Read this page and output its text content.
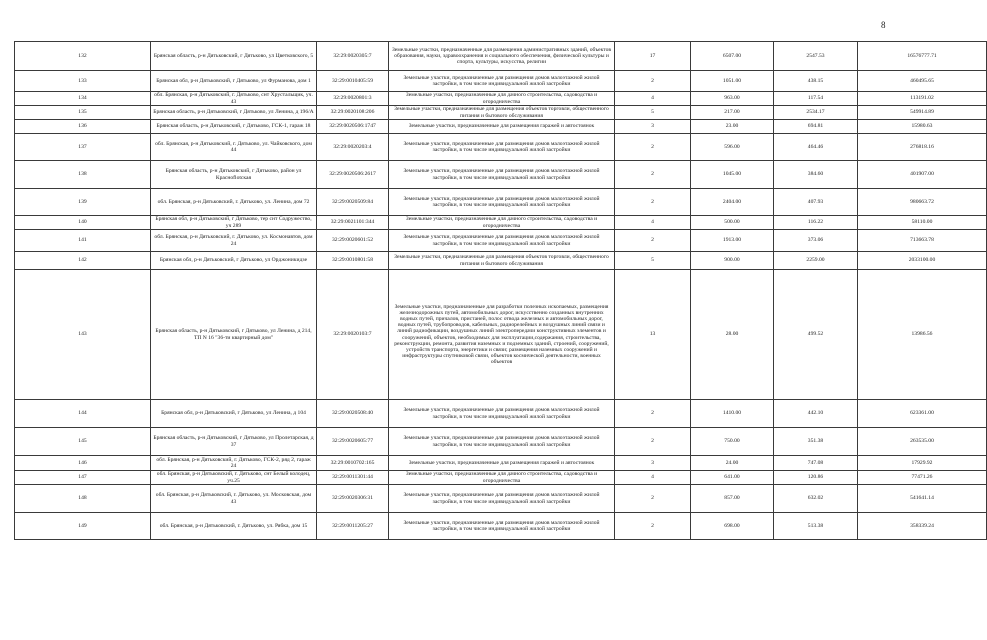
8
132	Брянская область, р-н Дятьковский, г Дятьково, ул Цветковского, 5	32:29:0020305:7	Земельные участки, предназначенные для размещения административных зданий, объектов образования, науки, здравоохранения и социального обеспечения, физической культуры и спорта, культуры, искусства, религии	17	6507.00	2547.53	16576777.71
133	Брянская обл, р-н Дятьковский, г Дятьково, ул Фурманова, дом 1	32:29:0010405:59	Земельные участки, предназначенные для размещения домов малоэтажной жилой застройки, в том числе индивидуальной жилой застройки	2	1051.00	438.15	460495.65
134	обл. Брянская, р-н Дятьковский, г. Дятьково, снт Хрустальщик, уч. 43	32:29:0020801:3	Земельные участки, предназначенные для дачного строительства, садоводства и огородничества	4	963.00	117.54	113191.02
135	Брянская область, р-н Дятьковский, г Дятьково, ул Ленина, д 196/А	32:29:0020108:206	Земельные участки, предназначенные для размещения объектов торговли, общественного питания и бытового обслуживания	5	217.00	2534.17	549914.89
136	Брянская область, р-н Дятьковский, г Дятьково, ГСК-1, гараж 18	32:29:0020506:1747	Земельные участки, предназначенные для размещения гаражей и автостоянок	3	23.00	694.81	15980.63
137	обл. Брянская, р-н Дятьковский, г. Дятьково, ул. Чайковского, дом 44	32:29:0020203:4	Земельные участки, предназначенные для размещения домов малоэтажной жилой застройки, в том числе индивидуальной жилой застройки	2	596.00	464.46	276818.16
138	Брянская область, р-н Дятьковский, г Дятьково, район ул Красноflotская	32:29:0020506:2617	Земельные участки, предназначенные для размещения домов малоэтажной жилой застройки, в том числе индивидуальной жилой застройки	2	1045.00	384.60	401907.00
139	обл. Брянская, р-н Дятьковский, г. Дятьково, ул. Ленина, дом 72	32:29:0020509:84	Земельные участки, предназначенные для размещения домов малоэтажной жилой застройки, в том числе индивидуальной жилой застройки	2	2404.00	407.93	980663.72
140	Брянская обл, р-н Дятьковский, г Дятьково, тер снт Содружество, уч 289	32:29:0021101:344	Земельные участки, предназначенные для дачного строительства, садоводства и огородничества	4	500.00	116.22	58110.00
141	обл. Брянская, р-н Дятьковский, г. Дятьково, ул. Космонавтов, дом 24	32:29:0020601:52	Земельные участки, предназначенные для размещения домов малоэтажной жилой застройки, в том числе индивидуальной жилой застройки	2	1913.00	373.06	713663.78
142	Брянская обл, р-н Дятьковский, г Дятьково, ул Орджоникидзе	32:29:0010801:58	Земельные участки, предназначенные для размещения объектов торговли, общественного питания и бытового обслуживания	5	900.00	2259.00	2033100.00
143	Брянская область, р-н Дятьковский, г Дятьково, ул Ленина, д 214, ТП N 16 "36-ти квартирный дом"	32:29:0020103:7	Земельные участки, предназначенные для разработки полезных ископаемых, размещения железнодорожных путей, автомобильных дорог, искусственно созданных внутренних водных путей, причалов, пристаней, полос отвода железных и автомобильных дорог, водных путей, трубопроводов, кабельных, радиорелейных и воздушных линий связи и линий радиофикации, воздушных линий электропередачи конструктивных элементов и сооружений, объектов, необходимых для эксплуатации,содержания, строительства, реконструкции, ремонта, развития наземных и подземных зданий, строений, сооружений, устройств транспорта, энергетики и связи; размещения наземных сооружений и инфраструктуры спутниковой связи, объектов космической деятельности, военных объектов	13	28.00	499.52	13986.56
144	Брянская обл, р-н Дятьковский, г Дятьково, ул Ленина, д 104	32:29:0020508:40	Земельные участки, предназначенные для размещения домов малоэтажной жилой застройки, в том числе индивидуальной жилой застройки	2	1410.00	442.10	623361.00
145	Брянская область, р-н Дятьковский, г Дятьково, ул Пролетарская, д 37	32:29:0020605:77	Земельные участки, предназначенные для размещения домов малоэтажной жилой застройки, в том числе индивидуальной жилой застройки	2	750.00	351.38	263535.00
146	обл. Брянская, р-н Дятьковский, г. Дятьково, ГСК-2, ряд 2, гараж 24	32:29:0010702:165	Земельные участки, предназначенные для размещения гаражей и автостоянок	3	24.00	747.08	17929.92
147	обл. Брянская, р-н Дятьковский, г. Дятьково, снт Белый колодец, уч.25	32:29:0011301:44	Земельные участки, предназначенные для дачного строительства, садоводства и огородничества	4	641.00	120.86	77471.26
148	обл. Брянская, р-н Дятьковский, г. Дятьково, ул. Московская, дом 43	32:29:0020306:31	Земельные участки, предназначенные для размещения домов малоэтажной жилой застройки, в том числе индивидуальной жилой застройки	2	857.00	632.02	541641.14
149	обл. Брянская, р-н Дятьковский, г. Дятьково, ул. Рябка, дом 15	32:29:0011205:27	Земельные участки, предназначенные для размещения домов малоэтажной жилой застройки, в том числе индивидуальной жилой застройки	2	698.00	513.38	358339.24
